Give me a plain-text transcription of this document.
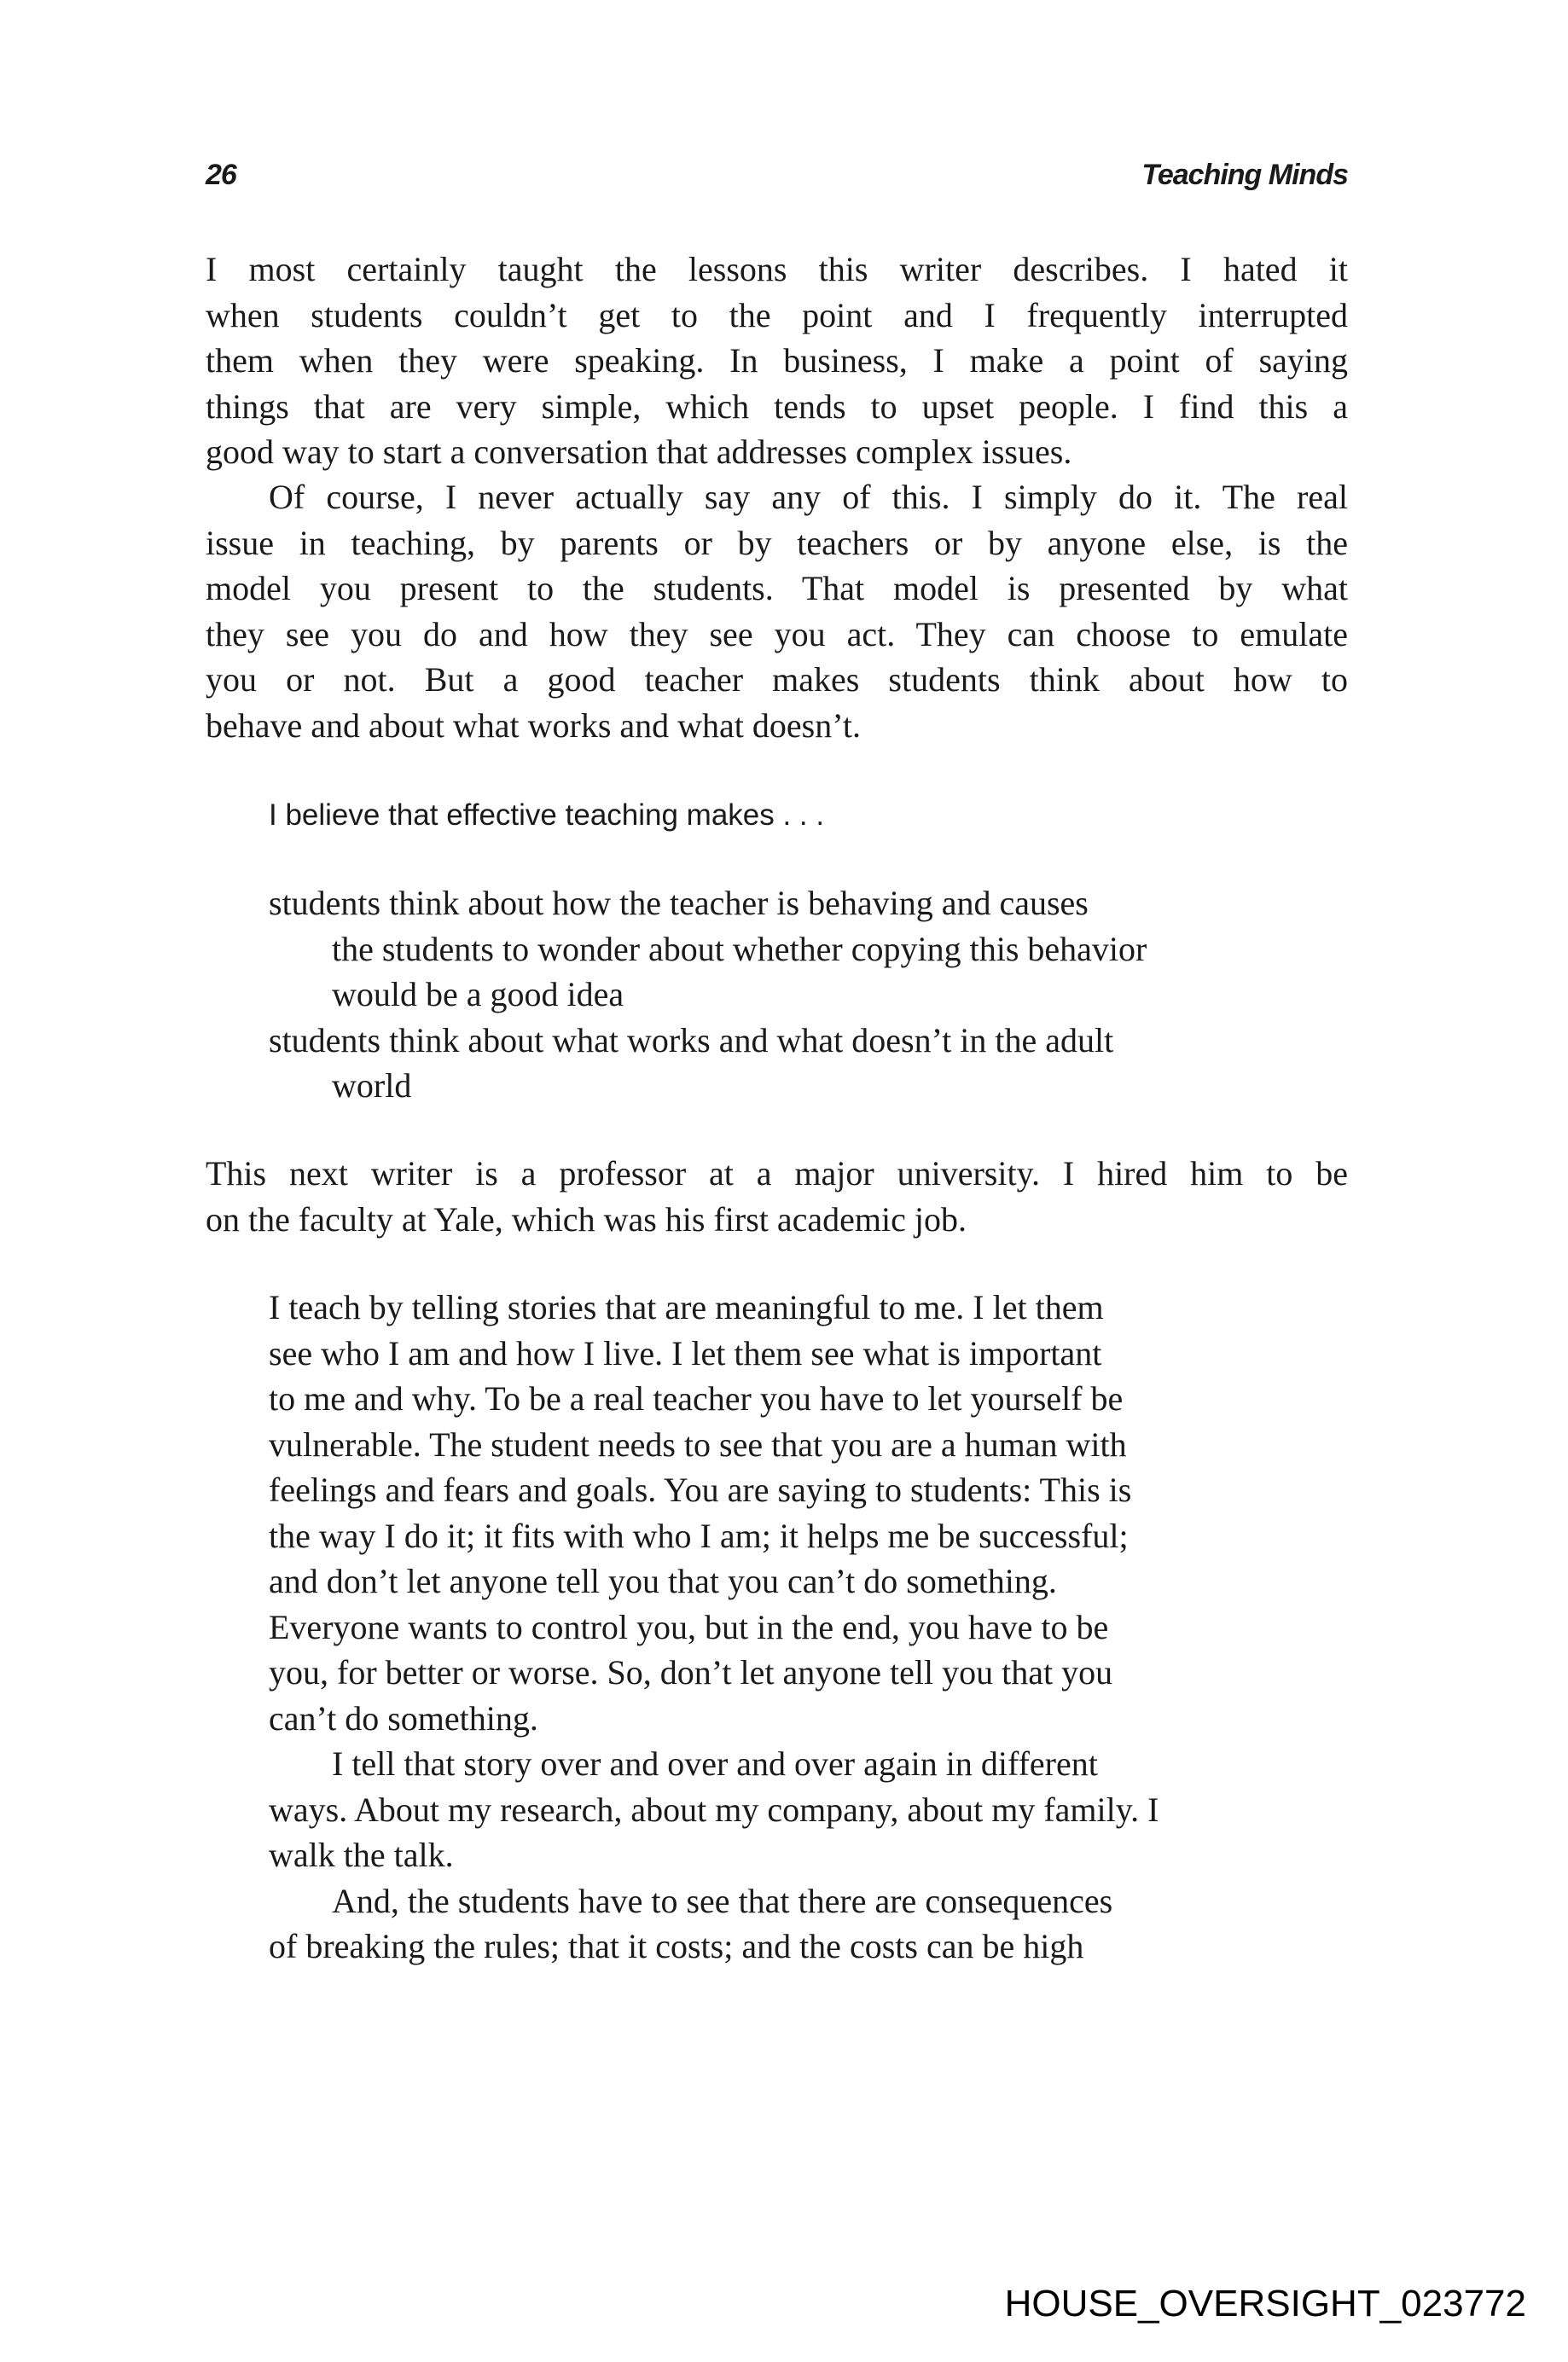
26	Teaching Minds
I most certainly taught the lessons this writer describes. I hated it
when students couldn’t get to the point and I frequently interrupted
them when they were speaking. In business, I make a point of saying
things that are very simple, which tends to upset people. I find this a
good way to start a conversation that addresses complex issues.
Of course, I never actually say any of this. I simply do it. The real
issue in teaching, by parents or by teachers or by anyone else, is the
model you present to the students. That model is presented by what
they see you do and how they see you act. They can choose to emulate
you or not. But a good teacher makes students think about how to
behave and about what works and what doesn’t.
I believe that effective teaching makes . . .
students think about how the teacher is behaving and causes
the students to wonder about whether copying this behavior
would be a good idea
students think about what works and what doesn’t in the adult
world
This next writer is a professor at a major university. I hired him to be
on the faculty at Yale, which was his first academic job.
I teach by telling stories that are meaningful to me. I let them
see who I am and how I live. I let them see what is important
to me and why. To be a real teacher you have to let yourself be
vulnerable. The student needs to see that you are a human with
feelings and fears and goals. You are saying to students: This is
the way I do it; it fits with who I am; it helps me be successful;
and don’t let anyone tell you that you can’t do something.
Everyone wants to control you, but in the end, you have to be
you, for better or worse. So, don’t let anyone tell you that you
can’t do something.
I tell that story over and over and over again in different
ways. About my research, about my company, about my family. I
walk the talk.
And, the students have to see that there are consequences
of breaking the rules; that it costs; and the costs can be high
HOUSE_OVERSIGHT_023772
